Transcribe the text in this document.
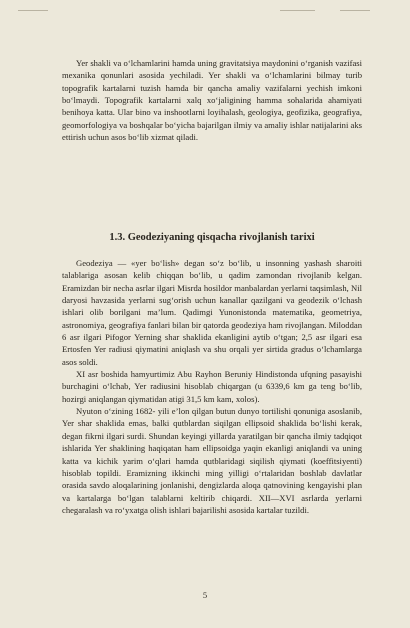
Yer shakli va o‘lchamlarini hamda uning gravitatsiya maydonini o‘rganish vazifasi mexanika qonunlari asosida yechiladi. Yer shakli va o‘lchamlarini bilmay turib topografik kartalarni tuzish hamda bir qancha amaliy vazifalarni yechish imkoni bo‘lmaydi. Topografik kartalarni xalq xo‘jaligining hamma sohalarida ahamiyati benihoya katta. Ular bino va inshootlarni loyihalash, geologiya, geofizika, geografiya, geomorfologiya va boshqalar bo‘yicha bajarilgan ilmiy va amaliy ishlar natijalarini aks ettirish uchun asos bo‘lib xizmat qiladi.

1.3. Geodeziyaning qisqacha rivojlanish tarixi

Geodeziya — «yer bo‘lish» degan so‘z bo‘lib, u insonning yashash sharoiti talablariga asosan kelib chiqqan bo‘lib, u qadim zamondan rivojlanib kelgan. Eramizdan bir necha asrlar ilgari Misrda hosildor manbalardan yerlarni taqsimlash, Nil daryosi havzasida yerlarni sug‘orish uchun kanallar qazilgani va geodezik o‘lchash ishlari olib borilgani ma’lum. Qadimgi Yunonistonda matematika, geometriya, astronomiya, geografiya fanlari bilan bir qatorda geodeziya ham rivojlangan. Miloddan 6 asr ilgari Pifogor Yerning shar shaklida ekanligini aytib o‘tgan; 2,5 asr ilgari esa Ertosfen Yer radiusi qiymatini aniqlash va shu orqali yer sirtida gradus o‘lchamlarga asos soldi.

XI asr boshida hamyurtimiz Abu Rayhon Beruniy Hindistonda ufqning pasayishi burchagini o‘lchab, Yer radiusini hisoblab chiqargan (u 6339,6 km ga teng bo‘lib, hozirgi aniqlangan qiymatidan atigi 31,5 km kam, xolos).

Nyuton o‘zining 1682- yili e’lon qilgan butun dunyo tortilishi qonuniga asoslanib, Yer shar shaklida emas, balki qutblardan siqilgan ellipsoid shaklida bo‘lishi kerak, degan fikrni ilgari surdi. Shundan keyingi yillarda yaratilgan bir qancha ilmiy tadqiqot ishlarida Yer shaklining haqiqatan ham ellipsoidga yaqin ekanligi aniqlandi va uning katta va kichik yarim o‘qlari hamda qutblaridagi siqilish qiymati (koeffitsiyenti) hisoblab topildi. Eramizning ikkinchi ming yilligi o‘rtalaridan boshlab davlatlar orasida savdo aloqalarining jonlanishi, dengizlarda aloqa qatnovining kengayishi plan va kartalarga bo‘lgan talablarni keltirib chiqardi. XII—XVI asrlarda yerlarni chegaralash va ro‘yxatga olish ishlari bajarilishi asosida kartalar tuzildi.

5
